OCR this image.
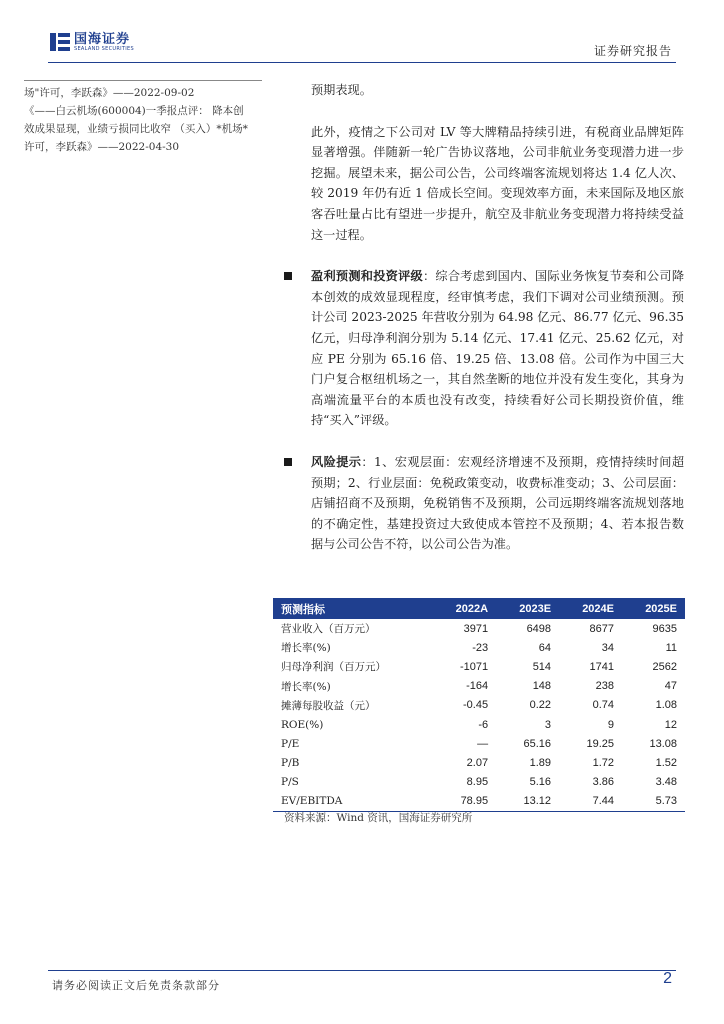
国海证券
SEALAND SECURITIES	证券研究报告

场"许可，李跃森》——2022-09-02

《——白云机场(600004)一季报点评： 降本创

效成果显现，业绩亏损同比收窄 （买入）*机场*

许可，李跃森》——2022-04-30

预期表现。

此外，疫情之下公司对 LV 等大牌精品持续引进，有税商业品牌矩阵显著增强。伴随新一轮广告协议落地，公司非航业务变现潜力进一步挖掘。展望未来，据公司公告，公司终端客流规划将达 1.4 亿人次、较 2019 年仍有近 1 倍成长空间。变现效率方面，未来国际及地区旅客吞吐量占比有望进一步提升，航空及非航业务变现潜力将持续受益这一过程。

盈利预测和投资评级：综合考虑到国内、国际业务恢复节奏和公司降本创效的成效显现程度，经审慎考虑，我们下调对公司业绩预测。预计公司 2023-2025 年营收分别为 64.98 亿元、86.77 亿元、96.35 亿元，归母净利润分别为 5.14 亿元、17.41 亿元、25.62 亿元，对应 PE 分别为 65.16 倍、19.25 倍、13.08 倍。公司作为中国三大门户复合枢纽机场之一，其自然垄断的地位并没有发生变化，其身为高端流量平台的本质也没有改变，持续看好公司长期投资价值，维持“买入”评级。

风险提示：1、宏观层面：宏观经济增速不及预期，疫情持续时间超预期；2、行业层面：免税政策变动，收费标准变动；3、公司层面：店铺招商不及预期，免税销售不及预期，公司远期终端客流规划落地的不确定性，基建投资过大致使成本管控不及预期；4、若本报告数据与公司公告不符，以公司公告为准。

预测指标	2022A	2023E	2024E	2025E
营业收入（百万元）	3971	6498	8677	9635
增长率(%)	-23	64	34	11
归母净利润（百万元）	-1071	514	1741	2562
增长率(%)	-164	148	238	47
摊薄每股收益（元）	-0.45	0.22	0.74	1.08
ROE(%)	-6	3	9	12
P/E	—	65.16	19.25	13.08
P/B	2.07	1.89	1.72	1.52
P/S	8.95	5.16	3.86	3.48
EV/EBITDA	78.95	13.12	7.44	5.73
资料来源：Wind 资讯，国海证券研究所
请务必阅读正文后免责条款部分	2
